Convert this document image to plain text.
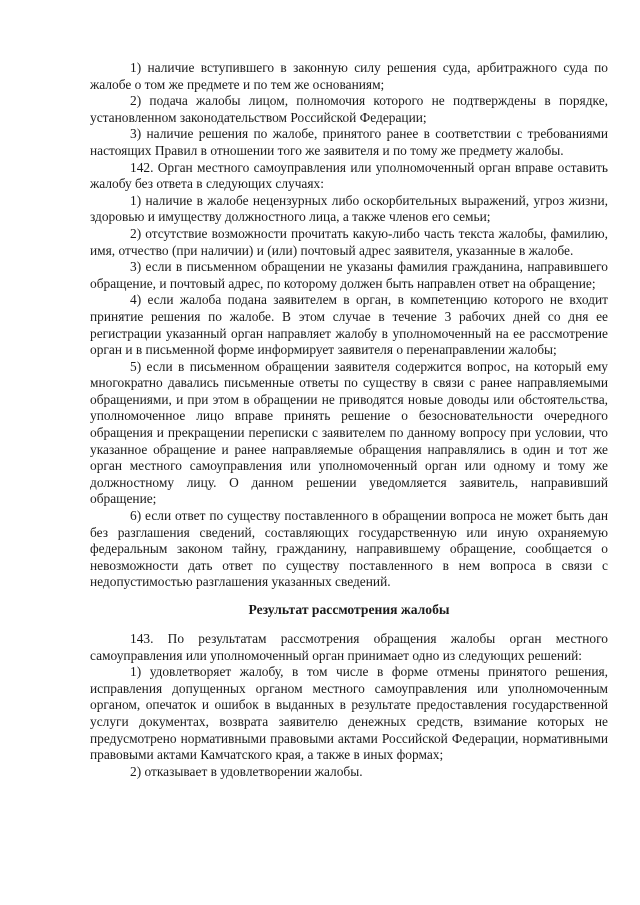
1) наличие вступившего в законную силу решения суда, арбитражного суда по жалобе о том же предмете и по тем же основаниям;

2) подача жалобы лицом, полномочия которого не подтверждены в порядке, установленном законодательством Российской Федерации;

3) наличие решения по жалобе, принятого ранее в соответствии с требованиями настоящих Правил в отношении того же заявителя и по тому же предмету жалобы.

142. Орган местного самоуправления или уполномоченный орган вправе оставить жалобу без ответа в следующих случаях:

1) наличие в жалобе нецензурных либо оскорбительных выражений, угроз жизни, здоровью и имуществу должностного лица, а также членов его семьи;

2) отсутствие возможности прочитать какую-либо часть текста жалобы, фамилию, имя, отчество (при наличии) и (или) почтовый адрес заявителя, указанные в жалобе.

3) если в письменном обращении не указаны фамилия гражданина, направившего обращение, и почтовый адрес, по которому должен быть направлен ответ на обращение;

4) если жалоба подана заявителем в орган, в компетенцию которого не входит принятие решения по жалобе. В этом случае в течение 3 рабочих дней со дня ее регистрации указанный орган направляет жалобу в уполномоченный на ее рассмотрение орган и в письменной форме информирует заявителя о перенаправлении жалобы;

5) если в письменном обращении заявителя содержится вопрос, на который ему многократно давались письменные ответы по существу в связи с ранее направляемыми обращениями, и при этом в обращении не приводятся новые доводы или обстоятельства, уполномоченное лицо вправе принять решение о безосновательности очередного обращения и прекращении переписки с заявителем по данному вопросу при условии, что указанное обращение и ранее направляемые обращения направлялись в один и тот же орган местного самоуправления или уполномоченный орган или одному и тому же должностному лицу. О данном решении уведомляется заявитель, направивший обращение;

6) если ответ по существу поставленного в обращении вопроса не может быть дан без разглашения сведений, составляющих государственную или иную охраняемую федеральным законом тайну, гражданину, направившему обращение, сообщается о невозможности дать ответ по существу поставленного в нем вопроса в связи с недопустимостью разглашения указанных сведений.

Результат рассмотрения жалобы

143. По результатам рассмотрения обращения жалобы орган местного самоуправления или уполномоченный орган принимает одно из следующих решений:

1) удовлетворяет жалобу, в том числе в форме отмены принятого решения, исправления допущенных органом местного самоуправления или уполномоченным органом, опечаток и ошибок в выданных в результате предоставления государственной услуги документах, возврата заявителю денежных средств, взимание которых не предусмотрено нормативными правовыми актами Российской Федерации, нормативными правовыми актами Камчатского края, а также в иных формах;

2) отказывает в удовлетворении жалобы.
